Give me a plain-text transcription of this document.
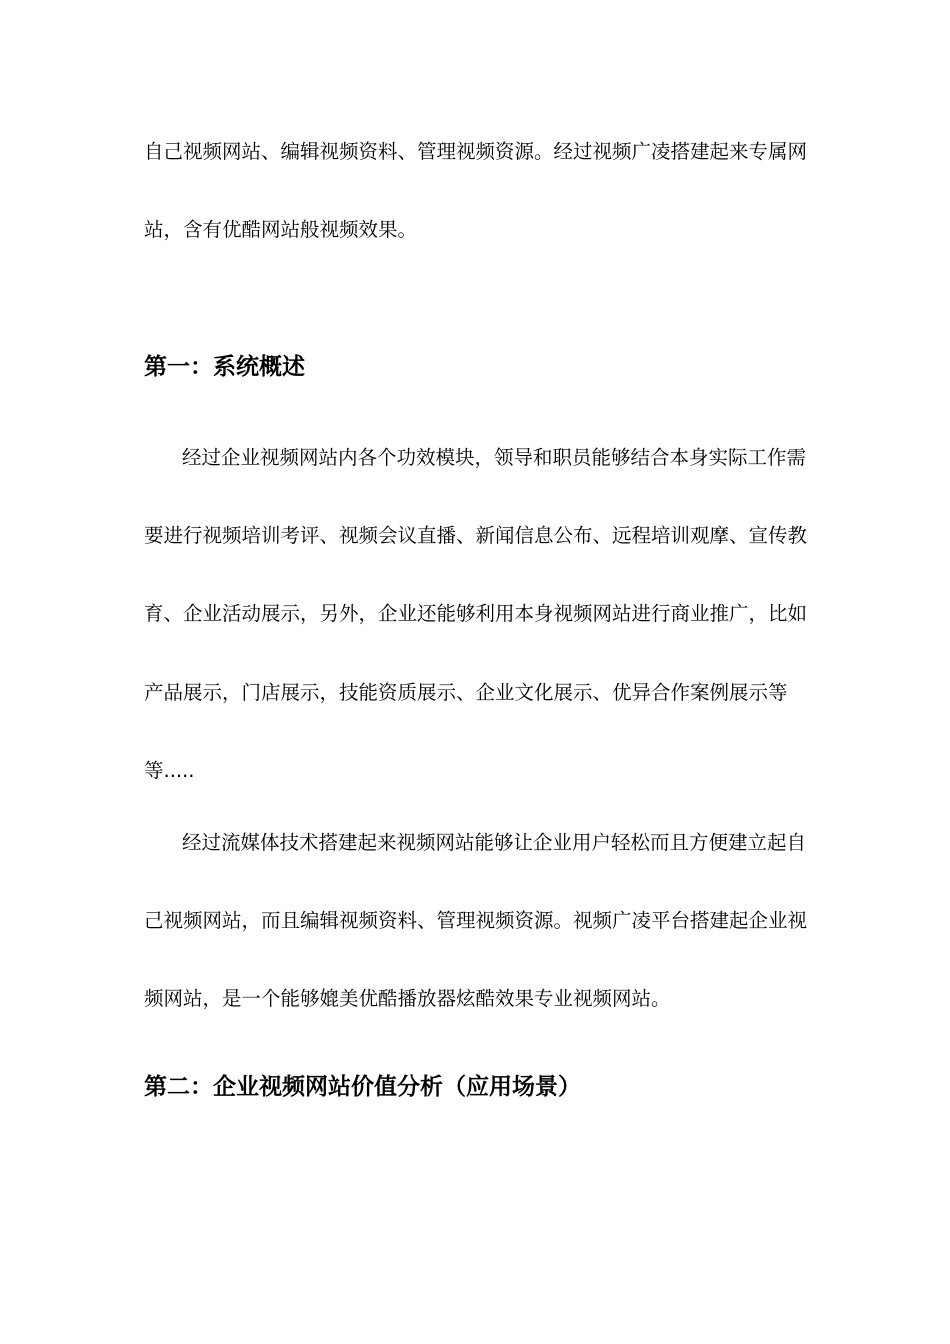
自己视频网站、编辑视频资料、管理视频资源。经过视频广凌搭建起来专属网
站，含有优酷网站般视频效果。
第一：系统概述
经过企业视频网站内各个功效模块，领导和职员能够结合本身实际工作需
要进行视频培训考评、视频会议直播、新闻信息公布、远程培训观摩、宣传教
育、企业活动展示，另外，企业还能够利用本身视频网站进行商业推广，比如
产品展示，门店展示，技能资质展示、企业文化展示、优异合作案例展示等
等.....
经过流媒体技术搭建起来视频网站能够让企业用户轻松而且方便建立起自
己视频网站，而且编辑视频资料、管理视频资源。视频广凌平台搭建起企业视
频网站，是一个能够媲美优酷播放器炫酷效果专业视频网站。
第二：企业视频网站价值分析（应用场景）
